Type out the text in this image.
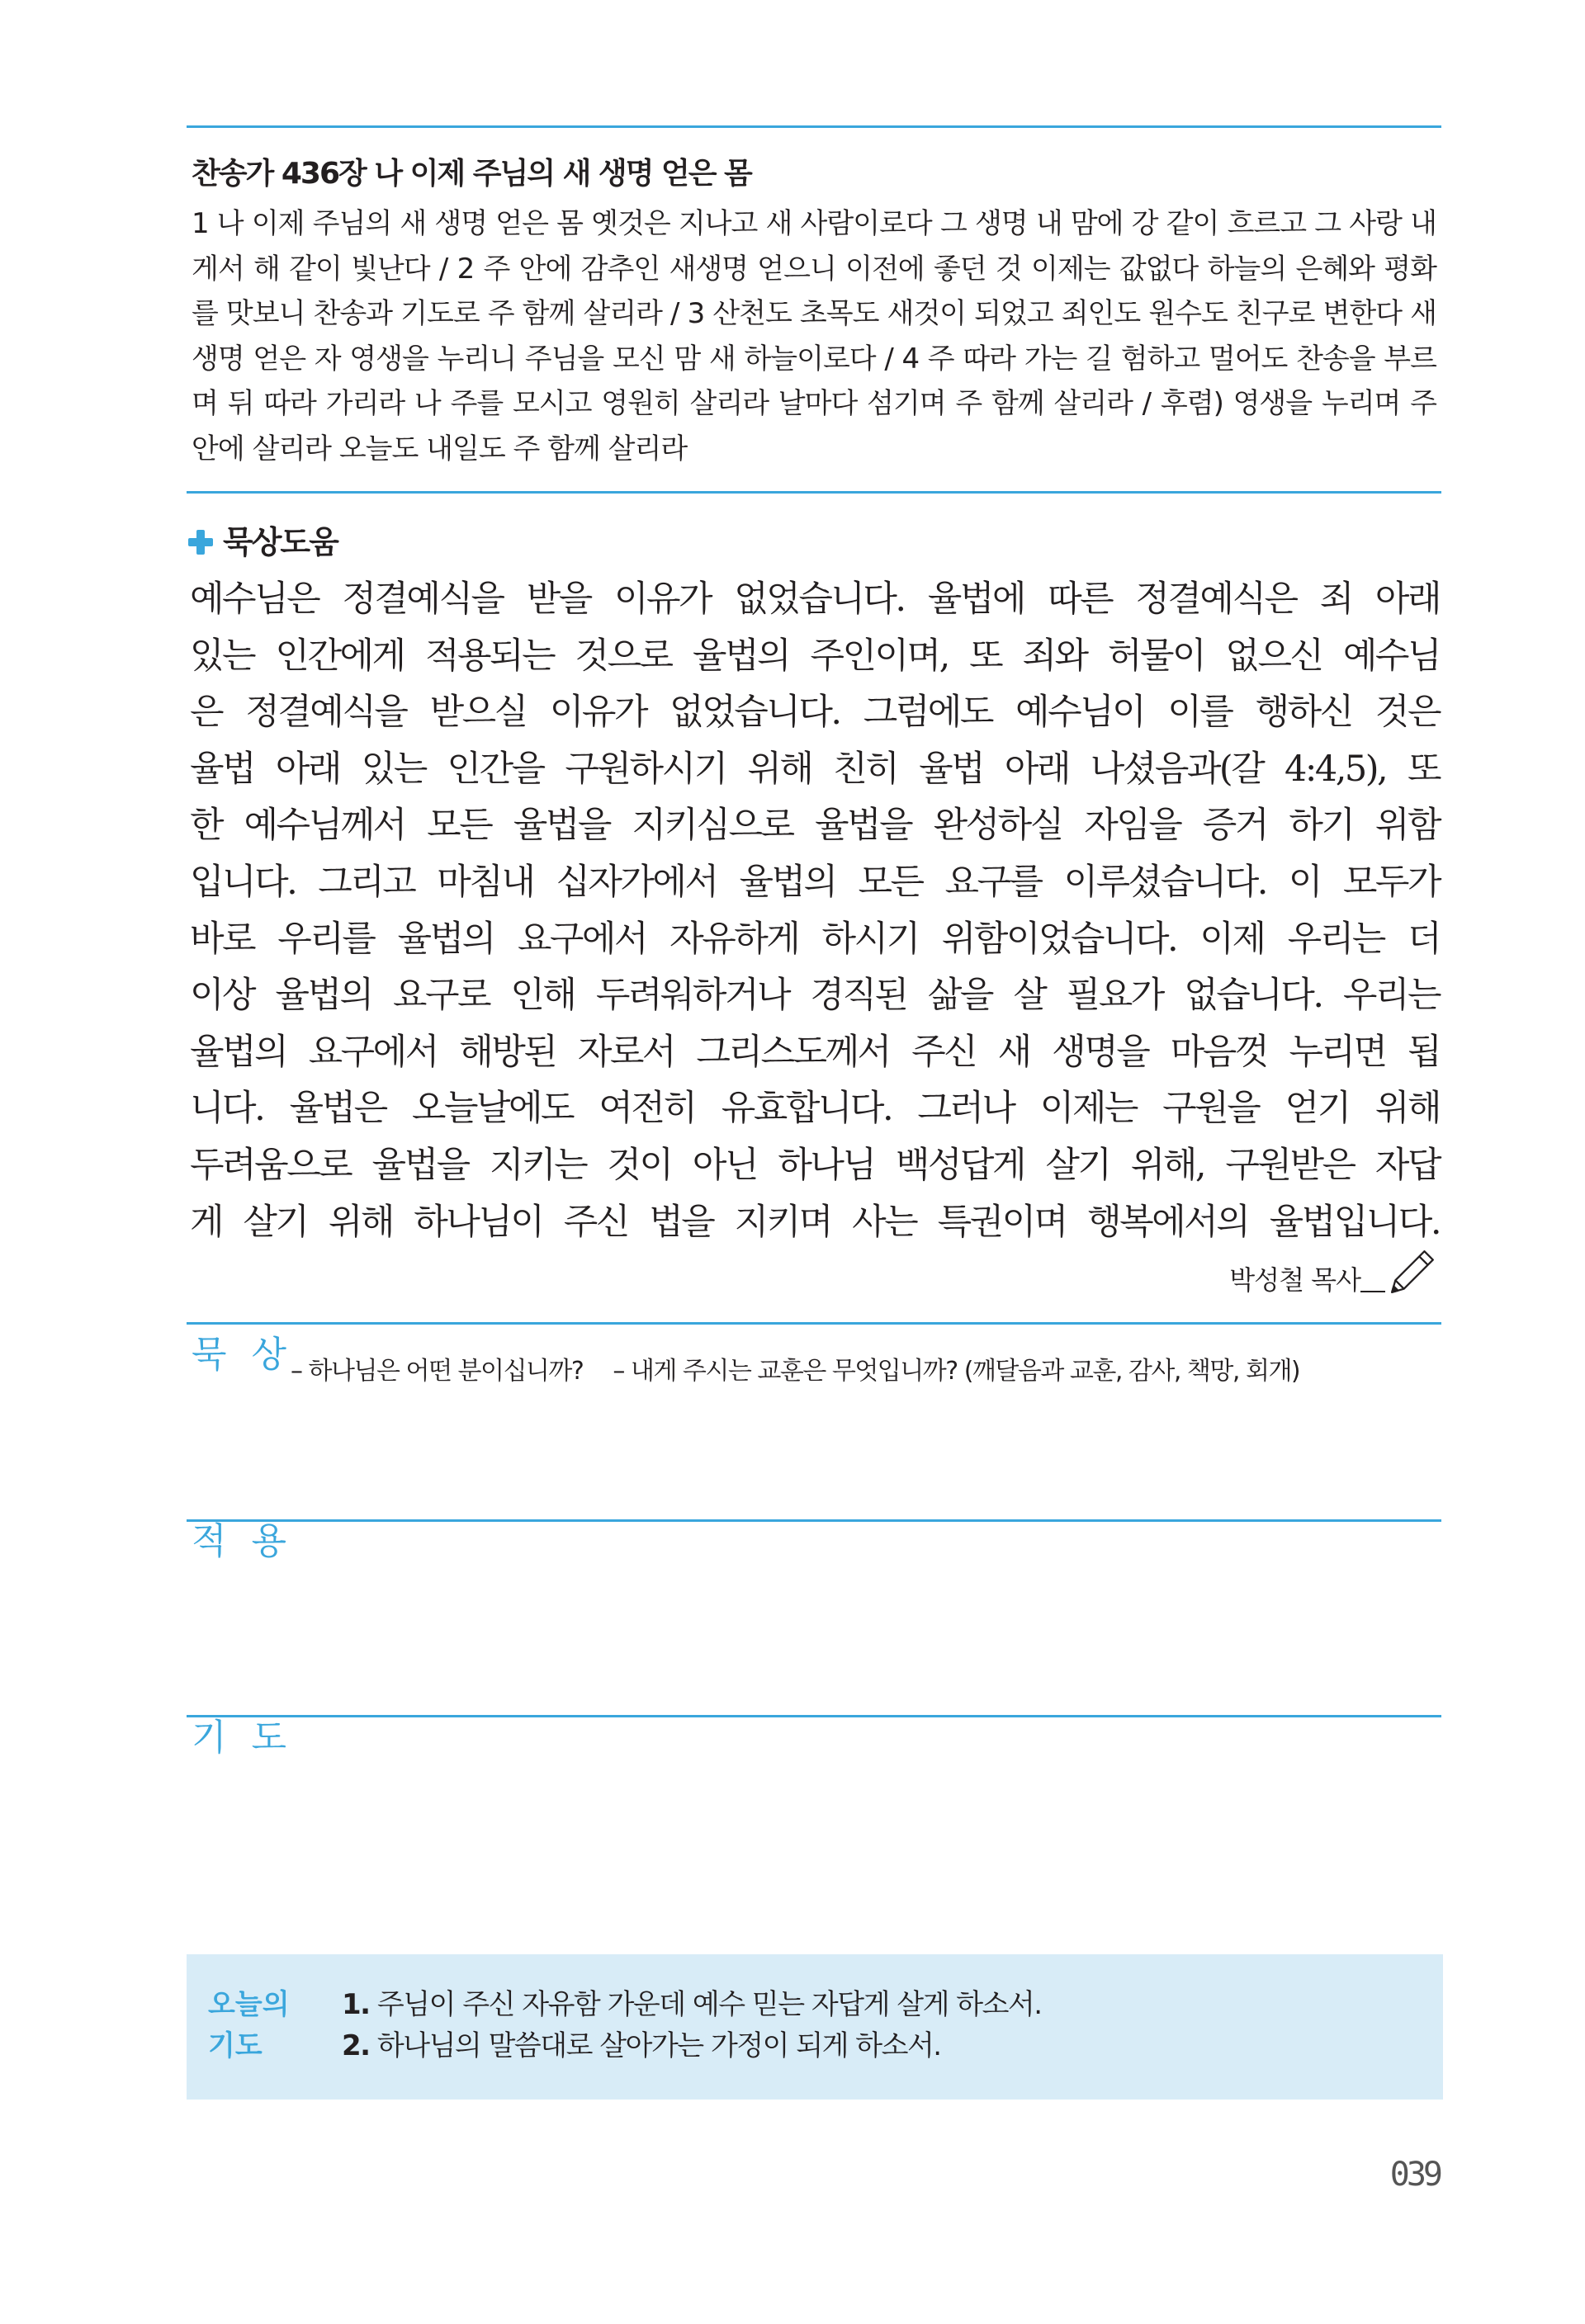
찬송가 436장 나 이제 주님의 새 생명 얻은 몸
1 나 이제 주님의 새 생명 얻은 몸 옛것은 지나고 새 사람이로다 그 생명 내 맘에 강 같이 흐르고 그 사랑 내게서 해 같이 빛난다 / 2 주 안에 감추인 새생명 얻으니 이전에 좋던 것 이제는 값없다 하늘의 은혜와 평화를 맛보니 찬송과 기도로 주 함께 살리라 / 3 산천도 초목도 새것이 되었고 죄인도 원수도 친구로 변한다 새 생명 얻은 자 영생을 누리니 주님을 모신 맘 새 하늘이로다 / 4 주 따라 가는 길 험하고 멀어도 찬송을 부르며 뒤 따라 가리라 나 주를 모시고 영원히 살리라 날마다 섬기며 주 함께 살리라 / 후렴) 영생을 누리며 주 안에 살리라 오늘도 내일도 주 함께 살리라
묵상도움
예수님은 정결예식을 받을 이유가 없었습니다. 율법에 따른 정결예식은 죄 아래
있는 인간에게 적용되는 것으로 율법의 주인이며, 또 죄와 허물이 없으신 예수님
은 정결예식을 받으실 이유가 없었습니다. 그럼에도 예수님이 이를 행하신 것은
율법 아래 있는 인간을 구원하시기 위해 친히 율법 아래 나셨음과(갈 4:4,5), 또
한 예수님께서 모든 율법을 지키심으로 율법을 완성하실 자임을 증거 하기 위함
입니다. 그리고 마침내 십자가에서 율법의 모든 요구를 이루셨습니다. 이 모두가
바로 우리를 율법의 요구에서 자유하게 하시기 위함이었습니다. 이제 우리는 더
이상 율법의 요구로 인해 두려워하거나 경직된 삶을 살 필요가 없습니다. 우리는
율법의 요구에서 해방된 자로서 그리스도께서 주신 새 생명을 마음껏 누리면 됩
니다. 율법은 오늘날에도 여전히 유효합니다. 그러나 이제는 구원을 얻기 위해
두려움으로 율법을 지키는 것이 아닌 하나님 백성답게 살기 위해, 구원받은 자답
게 살기 위해 하나님이 주신 법을 지키며 사는 특권이며 행복에서의 율법입니다.
박성철 목사
묵 상
– 하나님은 어떤 분이십니까? – 내게 주시는 교훈은 무엇입니까? (깨달음과 교훈, 감사, 책망, 회개)
적 용
기 도
오늘의
기도
1. 주님이 주신 자유함 가운데 예수 믿는 자답게 살게 하소서.
2. 하나님의 말씀대로 살아가는 가정이 되게 하소서.
039
